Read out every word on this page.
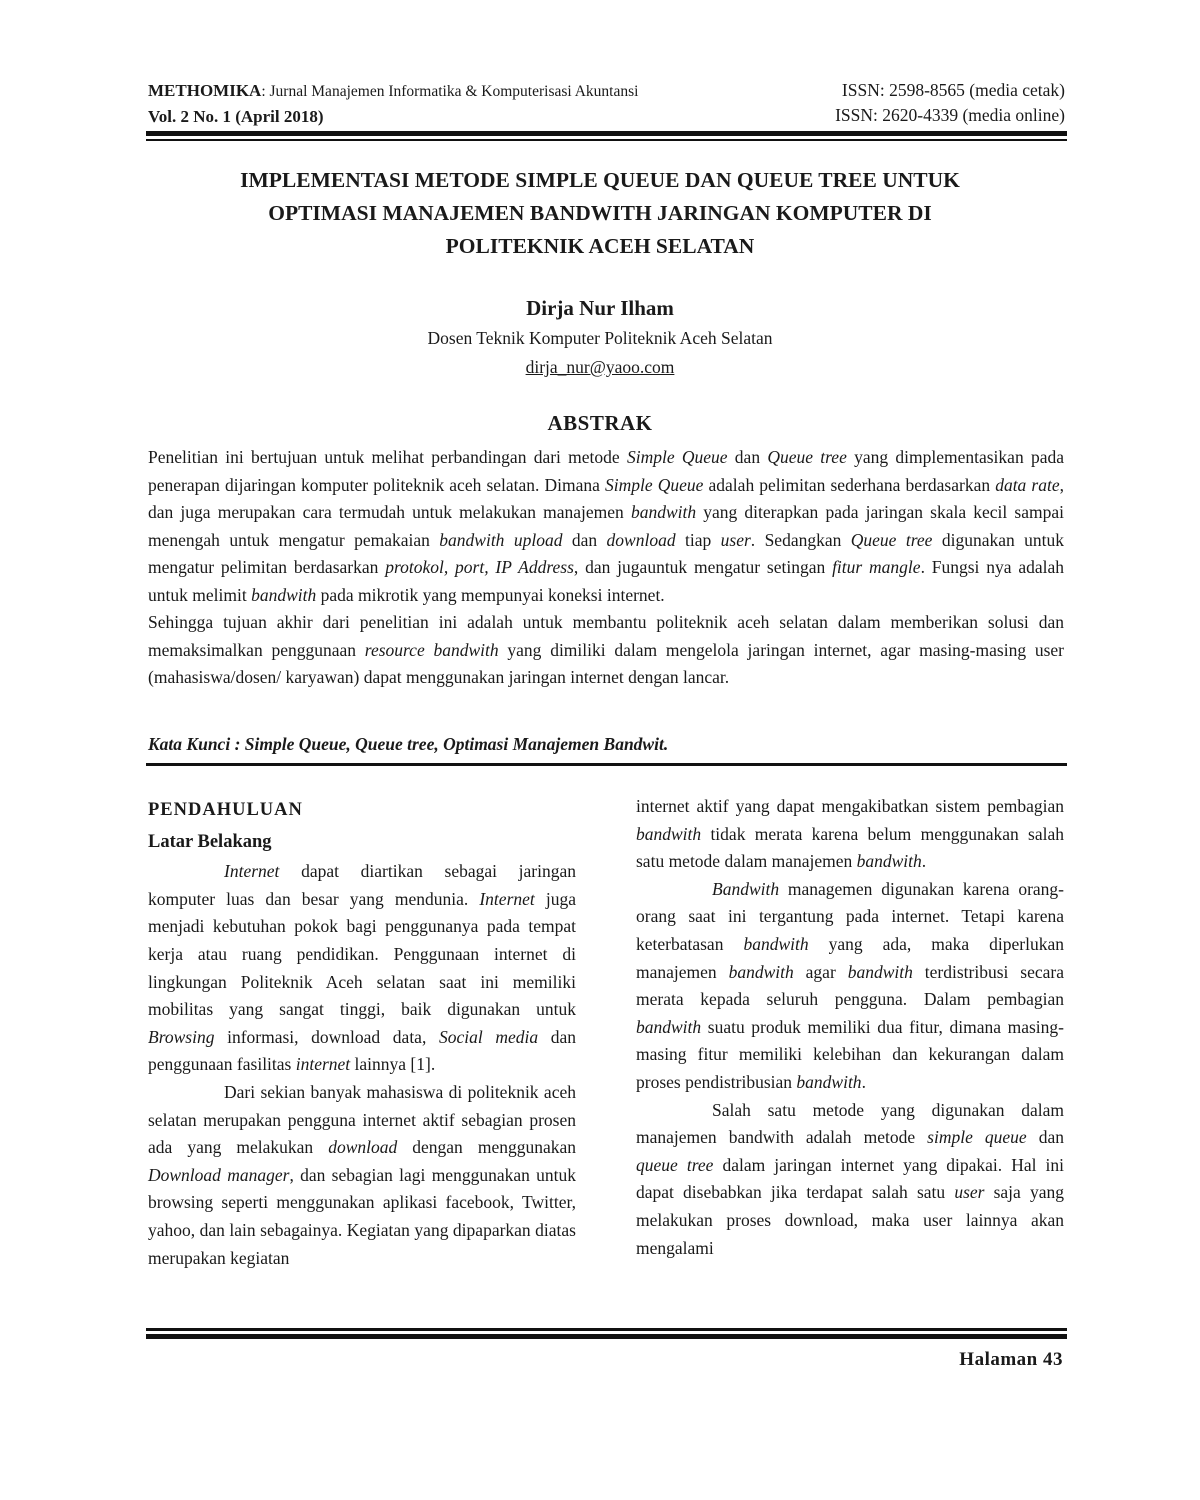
METHOMIKA: Jurnal Manajemen Informatika & Komputerisasi Akuntansi
Vol. 2 No. 1 (April 2018)
ISSN: 2598-8565 (media cetak)
ISSN: 2620-4339 (media online)
IMPLEMENTASI METODE SIMPLE QUEUE DAN QUEUE TREE UNTUK
OPTIMASI MANAJEMEN BANDWITH JARINGAN KOMPUTER DI
POLITEKNIK ACEH SELATAN
Dirja Nur Ilham
Dosen Teknik Komputer Politeknik Aceh Selatan
dirja_nur@yaoo.com
ABSTRAK

Penelitian ini bertujuan untuk melihat perbandingan dari metode Simple Queue dan Queue tree yang dimplementasikan pada penerapan dijaringan komputer politeknik aceh selatan. Dimana Simple Queue adalah pelimitan sederhana berdasarkan data rate, dan juga merupakan cara termudah untuk melakukan manajemen bandwith yang diterapkan pada jaringan skala kecil sampai menengah untuk mengatur pemakaian bandwith upload dan download tiap user. Sedangkan Queue tree digunakan untuk mengatur pelimitan berdasarkan protokol, port, IP Address, dan jugauntuk mengatur setingan fitur mangle. Fungsi nya adalah untuk melimit bandwith pada mikrotik yang mempunyai koneksi internet.

Sehingga tujuan akhir dari penelitian ini adalah untuk membantu politeknik aceh selatan dalam memberikan solusi dan memaksimalkan penggunaan resource bandwith yang dimiliki dalam mengelola jaringan internet, agar masing-masing user (mahasiswa/dosen/ karyawan) dapat menggunakan jaringan internet dengan lancar.

Kata Kunci : Simple Queue, Queue tree, Optimasi Manajemen Bandwit.
PENDAHULUAN
Latar Belakang

Internet dapat diartikan sebagai jaringan komputer luas dan besar yang mendunia. Internet juga menjadi kebutuhan pokok bagi penggunanya pada tempat kerja atau ruang pendidikan. Penggunaan internet di lingkungan Politeknik Aceh selatan saat ini memiliki mobilitas yang sangat tinggi, baik digunakan untuk Browsing informasi, download data, Social media dan penggunaan fasilitas internet lainnya [1].

Dari sekian banyak mahasiswa di politeknik aceh selatan merupakan pengguna internet aktif sebagian prosen ada yang melakukan download dengan menggunakan Download manager, dan sebagian lagi menggunakan untuk browsing seperti menggunakan aplikasi facebook, Twitter, yahoo, dan lain sebagainya. Kegiatan yang dipaparkan diatas merupakan kegiatan

internet aktif yang dapat mengakibatkan sistem pembagian bandwith tidak merata karena belum menggunakan salah satu metode dalam manajemen bandwith.

Bandwith managemen digunakan karena orang-orang saat ini tergantung pada internet. Tetapi karena keterbatasan bandwith yang ada, maka diperlukan manajemen bandwith agar bandwith terdistribusi secara merata kepada seluruh pengguna. Dalam pembagian bandwith suatu produk memiliki dua fitur, dimana masing-masing fitur memiliki kelebihan dan kekurangan dalam proses pendistribusian bandwith.

Salah satu metode yang digunakan dalam manajemen bandwith adalah metode simple queue dan queue tree dalam jaringan internet yang dipakai. Hal ini dapat disebabkan jika terdapat salah satu user saja yang melakukan proses download, maka user lainnya akan mengalami

Halaman 43
